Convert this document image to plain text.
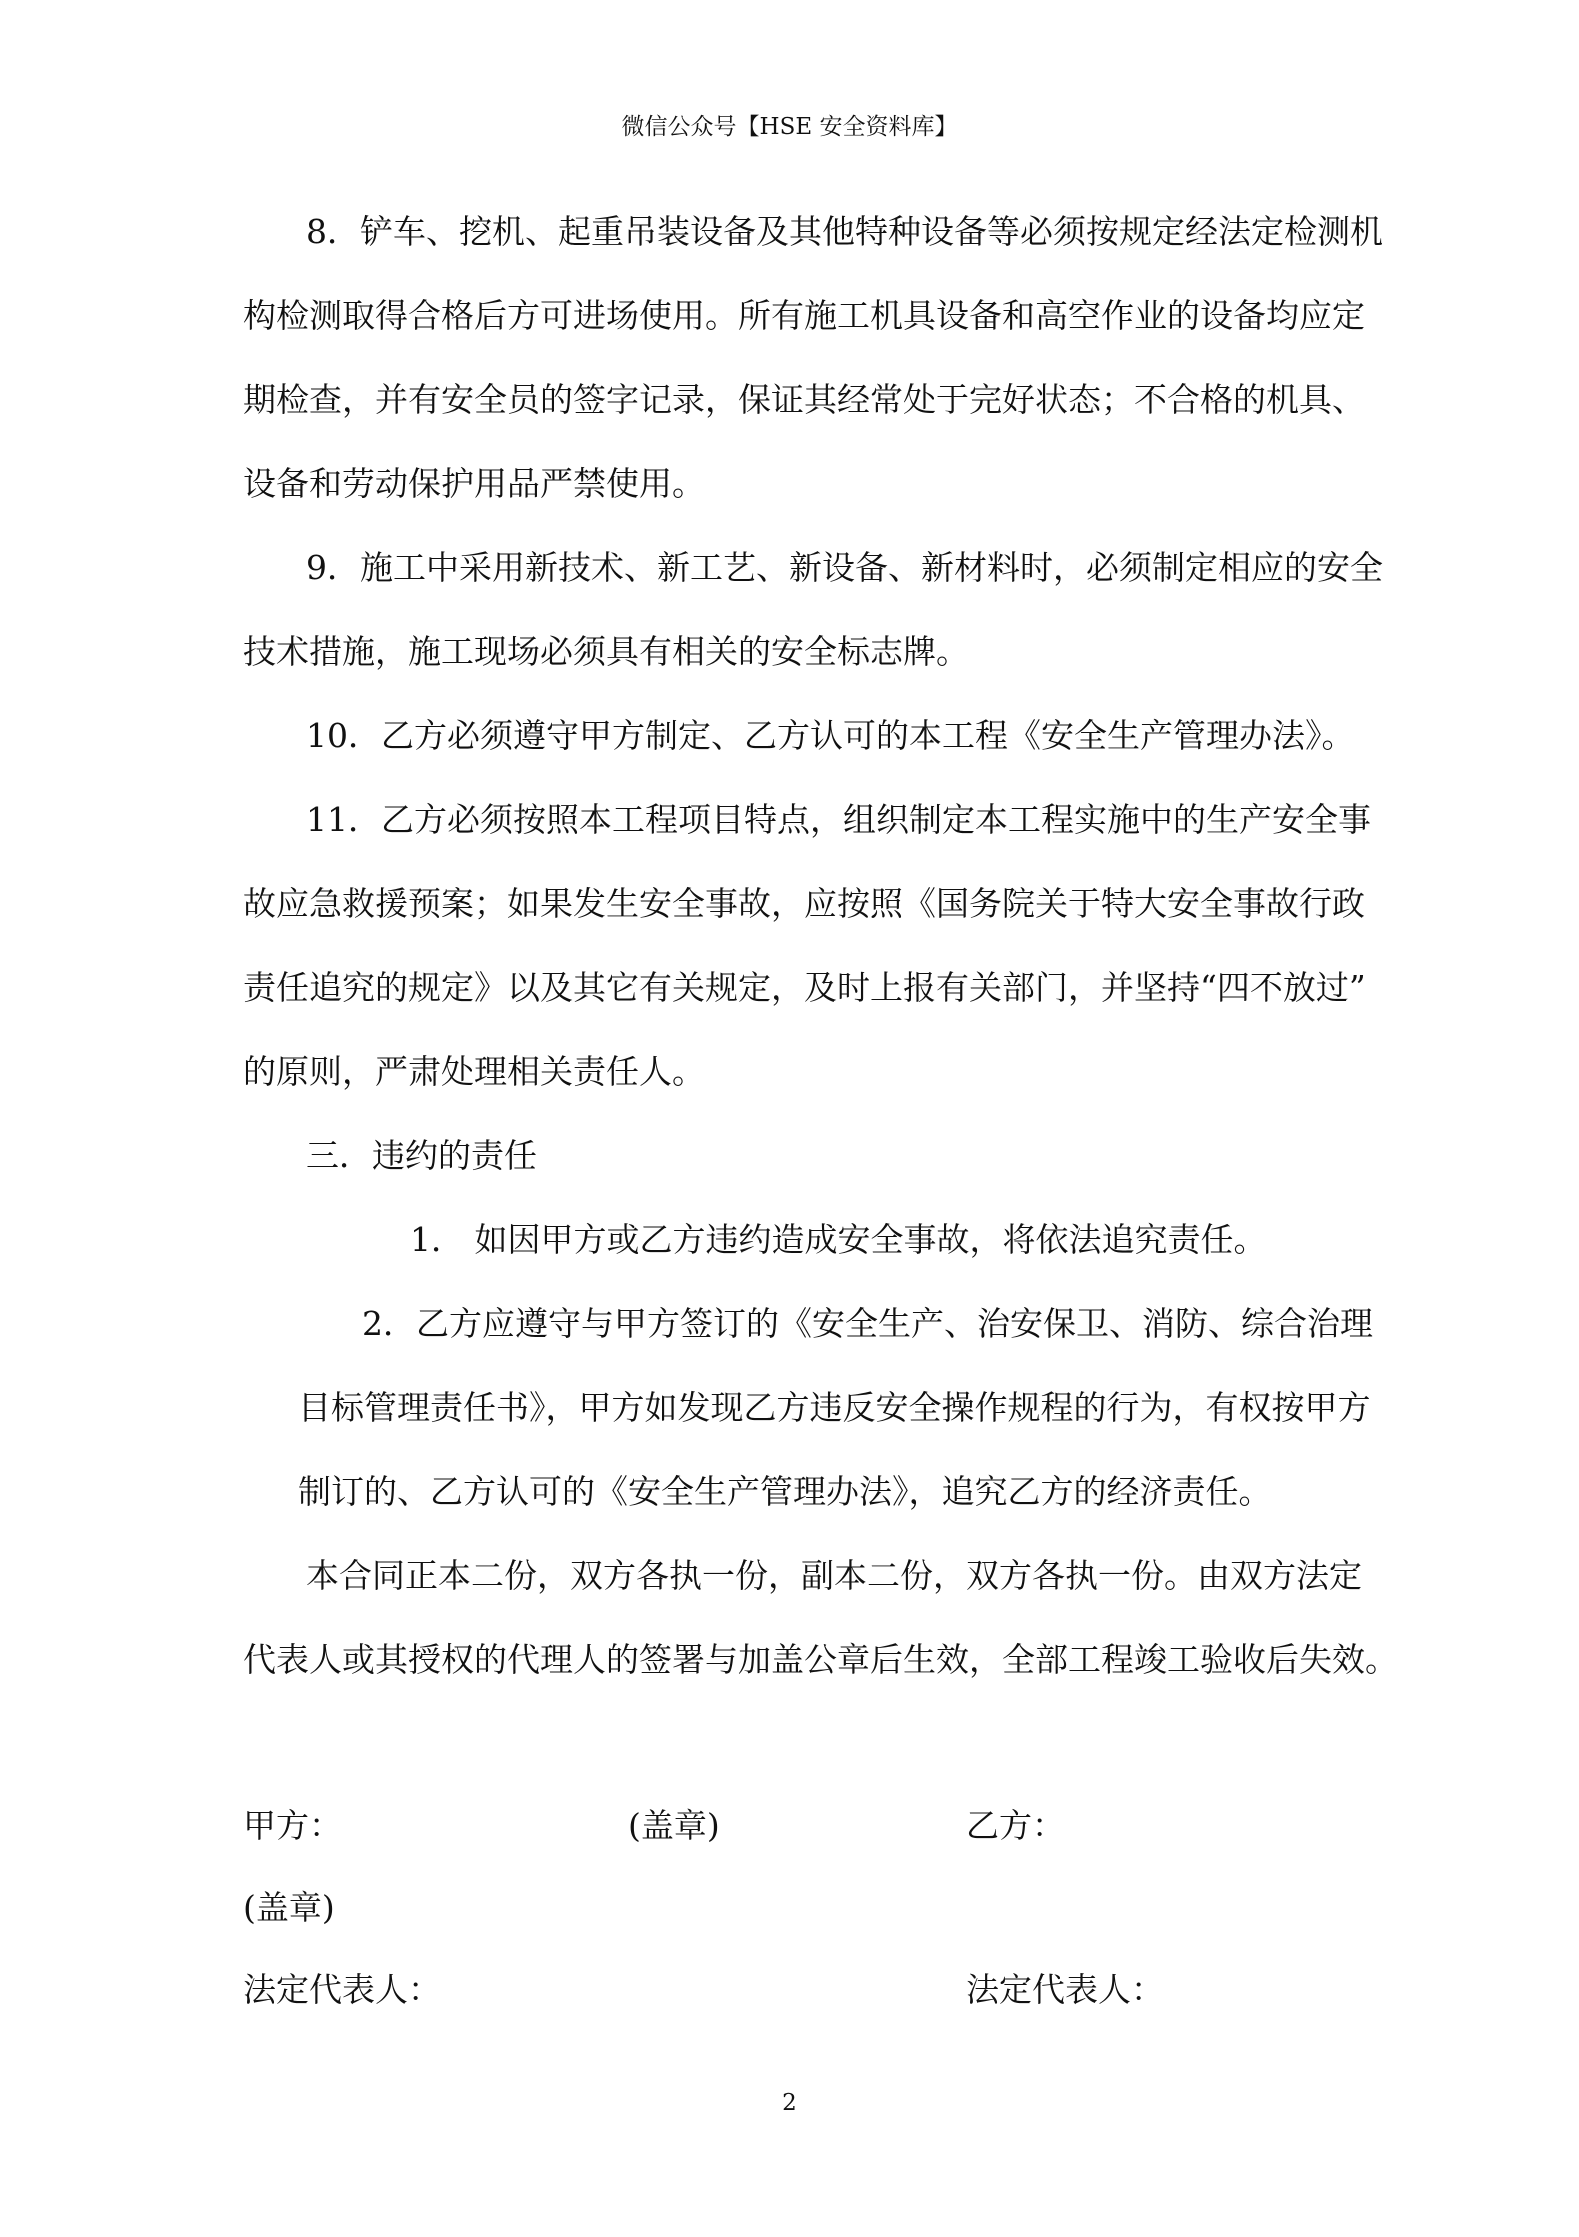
微信公众号【HSE 安全资料库】
8．铲车、挖机、起重吊装设备及其他特种设备等必须按规定经法定检测机
构检测取得合格后方可进场使用。所有施工机具设备和高空作业的设备均应定
期检查，并有安全员的签字记录，保证其经常处于完好状态；不合格的机具、
设备和劳动保护用品严禁使用。
9．施工中采用新技术、新工艺、新设备、新材料时，必须制定相应的安全
技术措施，施工现场必须具有相关的安全标志牌。
10．乙方必须遵守甲方制定、乙方认可的本工程《安全生产管理办法》。
11．乙方必须按照本工程项目特点，组织制定本工程实施中的生产安全事
故应急救援预案；如果发生安全事故，应按照《国务院关于特大安全事故行政
责任追究的规定》以及其它有关规定，及时上报有关部门，并坚持“四不放过”
的原则，严肃处理相关责任人。
三．违约的责任
1． 如因甲方或乙方违约造成安全事故，将依法追究责任。
2．乙方应遵守与甲方签订的《安全生产、治安保卫、消防、综合治理
目标管理责任书》，甲方如发现乙方违反安全操作规程的行为，有权按甲方
制订的、乙方认可的《安全生产管理办法》，追究乙方的经济责任。
本合同正本二份，双方各执一份，副本二份，双方各执一份。由双方法定
代表人或其授权的代理人的签署与加盖公章后生效，全部工程竣工验收后失效。
甲方：	(盖章)	乙方：
(盖章)
法定代表人：	法定代表人：
2
